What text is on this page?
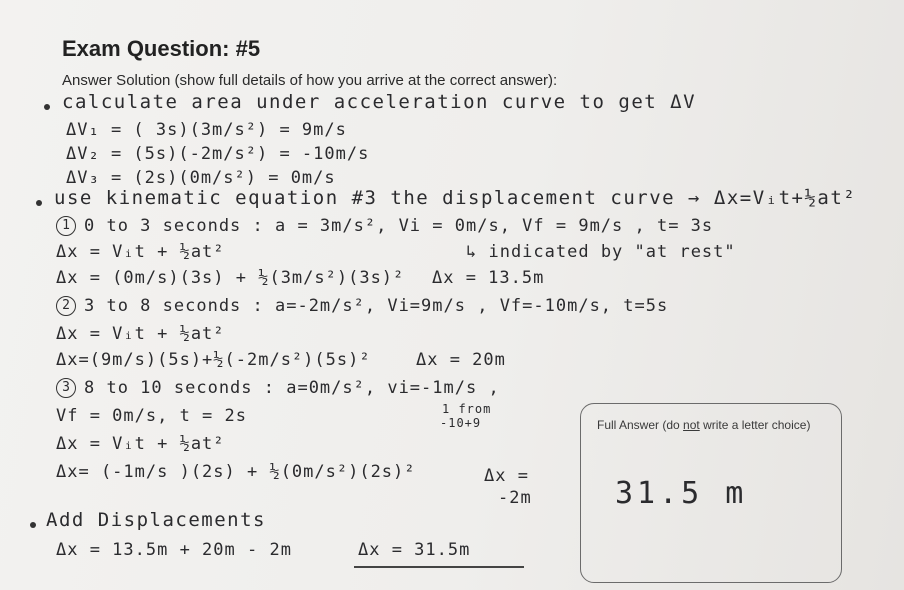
Exam Question: #5
Answer Solution (show full details of how you arrive at the correct answer):
calculate area under acceleration curve to get ΔV
ΔV₁ = ( 3s)(3m/s²) = 9m/s
ΔV₂ = (5s)(-2m/s²) = -10m/s
ΔV₃ = (2s)(0m/s²) = 0m/s
use kinematic equation #3 the displacement curve → Δx=Vᵢt+½at²
1 0 to 3 seconds : a = 3m/s², Vi = 0m/s, Vf = 9m/s , t= 3s
Δx = Vᵢt + ½at²	↳ indicated by "at rest"
Δx = (0m/s)(3s) + ½(3m/s²)(3s)² Δx = 13.5m
2 3 to 8 seconds : a=-2m/s², Vi=9m/s , Vf=-10m/s, t=5s
Δx = Vᵢt + ½at²
Δx=(9m/s)(5s)+½(-2m/s²)(5s)²	Δx = 20m
3 8 to 10 seconds : a=0m/s², vi=-1m/s ,
1 from
-10+9
Vf = 0m/s, t = 2s
Δx = Vᵢt + ½at²
Δx= (-1m/s )(2s) + ½(0m/s²)(2s)²	Δx =
-2m
Add Displacements
Δx = 13.5m + 20m - 2m	Δx = 31.5m
Full Answer (do not write a letter choice)
31.5 m
